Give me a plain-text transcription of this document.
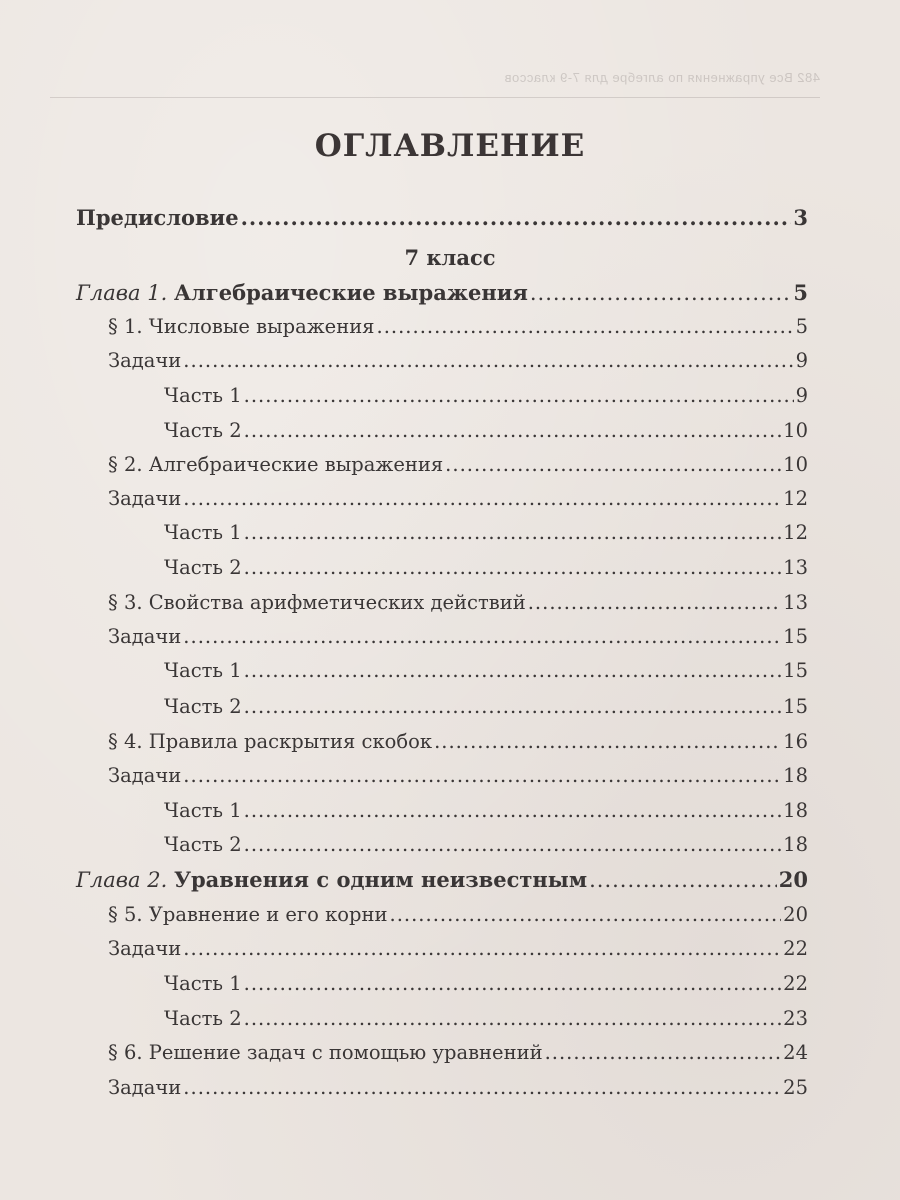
482 Все упражнения по алгебре для 7-9 классов
ОГЛАВЛЕНИЕ
Предисловие .....	3
7 класс
Глава 1. Алгебраические выражения .....	5
§ 1. Числовые выражения .....	5
Задачи .....	9
Часть 1 .....	9
Часть 2 .....	10
§ 2. Алгебраические выражения .....	10
Задачи .....	12
Часть 1 .....	12
Часть 2 .....	13
§ 3. Свойства арифметических действий .....	13
Задачи .....	15
Часть 1 .....	15
Часть 2 .....	15
§ 4. Правила раскрытия скобок .....	16
Задачи .....	18
Часть 1 .....	18
Часть 2 .....	18
Глава 2. Уравнения с одним неизвестным .....	20
§ 5. Уравнение и его корни .....	20
Задачи .....	22
Часть 1 .....	22
Часть 2 .....	23
§ 6. Решение задач с помощью уравнений .....	24
Задачи .....	25
